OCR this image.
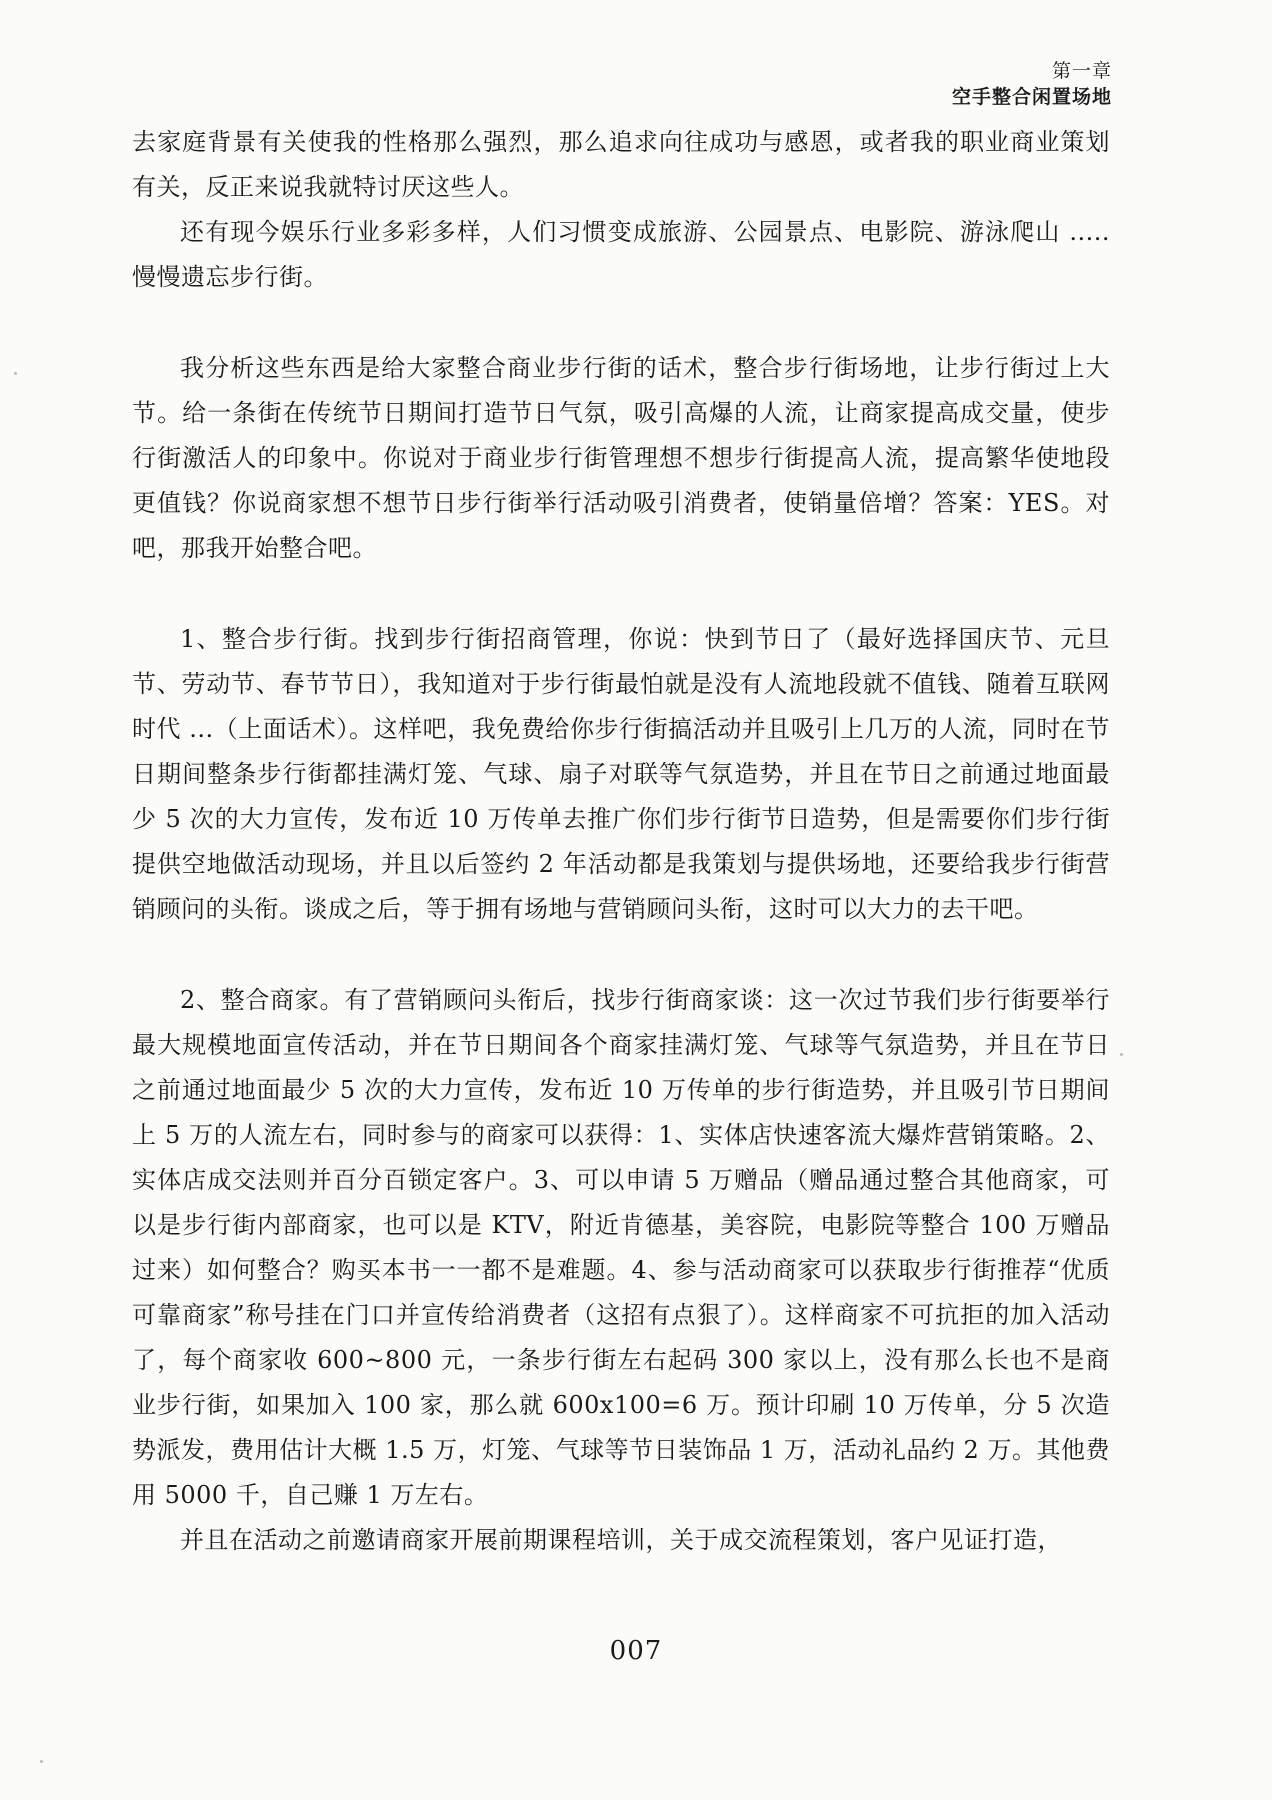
第一章
空手整合闲置场地

去家庭背景有关使我的性格那么强烈，那么追求向往成功与感恩，或者我的职业商业策划有关，反正来说我就特讨厌这些人。

还有现今娱乐行业多彩多样，人们习惯变成旅游、公园景点、电影院、游泳爬山 ..... 慢慢遗忘步行街。

我分析这些东西是给大家整合商业步行街的话术，整合步行街场地，让步行街过上大节。给一条街在传统节日期间打造节日气氛，吸引高爆的人流，让商家提高成交量，使步行街激活人的印象中。你说对于商业步行街管理想不想步行街提高人流，提高繁华使地段更值钱？你说商家想不想节日步行街举行活动吸引消费者，使销量倍增？答案：YES。对吧，那我开始整合吧。

1、整合步行街。找到步行街招商管理，你说：快到节日了（最好选择国庆节、元旦节、劳动节、春节节日），我知道对于步行街最怕就是没有人流地段就不值钱、随着互联网时代 ...（上面话术）。这样吧，我免费给你步行街搞活动并且吸引上几万的人流，同时在节日期间整条步行街都挂满灯笼、气球、扇子对联等气氛造势，并且在节日之前通过地面最少 5 次的大力宣传，发布近 10 万传单去推广你们步行街节日造势，但是需要你们步行街提供空地做活动现场，并且以后签约 2 年活动都是我策划与提供场地，还要给我步行街营销顾问的头衔。谈成之后，等于拥有场地与营销顾问头衔，这时可以大力的去干吧。

2、整合商家。有了营销顾问头衔后，找步行街商家谈：这一次过节我们步行街要举行最大规模地面宣传活动，并在节日期间各个商家挂满灯笼、气球等气氛造势，并且在节日之前通过地面最少 5 次的大力宣传，发布近 10 万传单的步行街造势，并且吸引节日期间上 5 万的人流左右，同时参与的商家可以获得：1、实体店快速客流大爆炸营销策略。2、实体店成交法则并百分百锁定客户。3、可以申请 5 万赠品（赠品通过整合其他商家，可以是步行街内部商家，也可以是 KTV，附近肯德基，美容院，电影院等整合 100 万赠品过来）如何整合？购买本书一一都不是难题。4、参与活动商家可以获取步行街推荐“优质可靠商家”称号挂在门口并宣传给消费者（这招有点狠了）。这样商家不可抗拒的加入活动了，每个商家收 600~800 元，一条步行街左右起码 300 家以上，没有那么长也不是商业步行街，如果加入 100 家，那么就 600x100=6 万。预计印刷 10 万传单，分 5 次造势派发，费用估计大概 1.5 万，灯笼、气球等节日装饰品 1 万，活动礼品约 2 万。其他费用 5000 千，自己赚 1 万左右。

并且在活动之前邀请商家开展前期课程培训，关于成交流程策划，客户见证打造，

007
